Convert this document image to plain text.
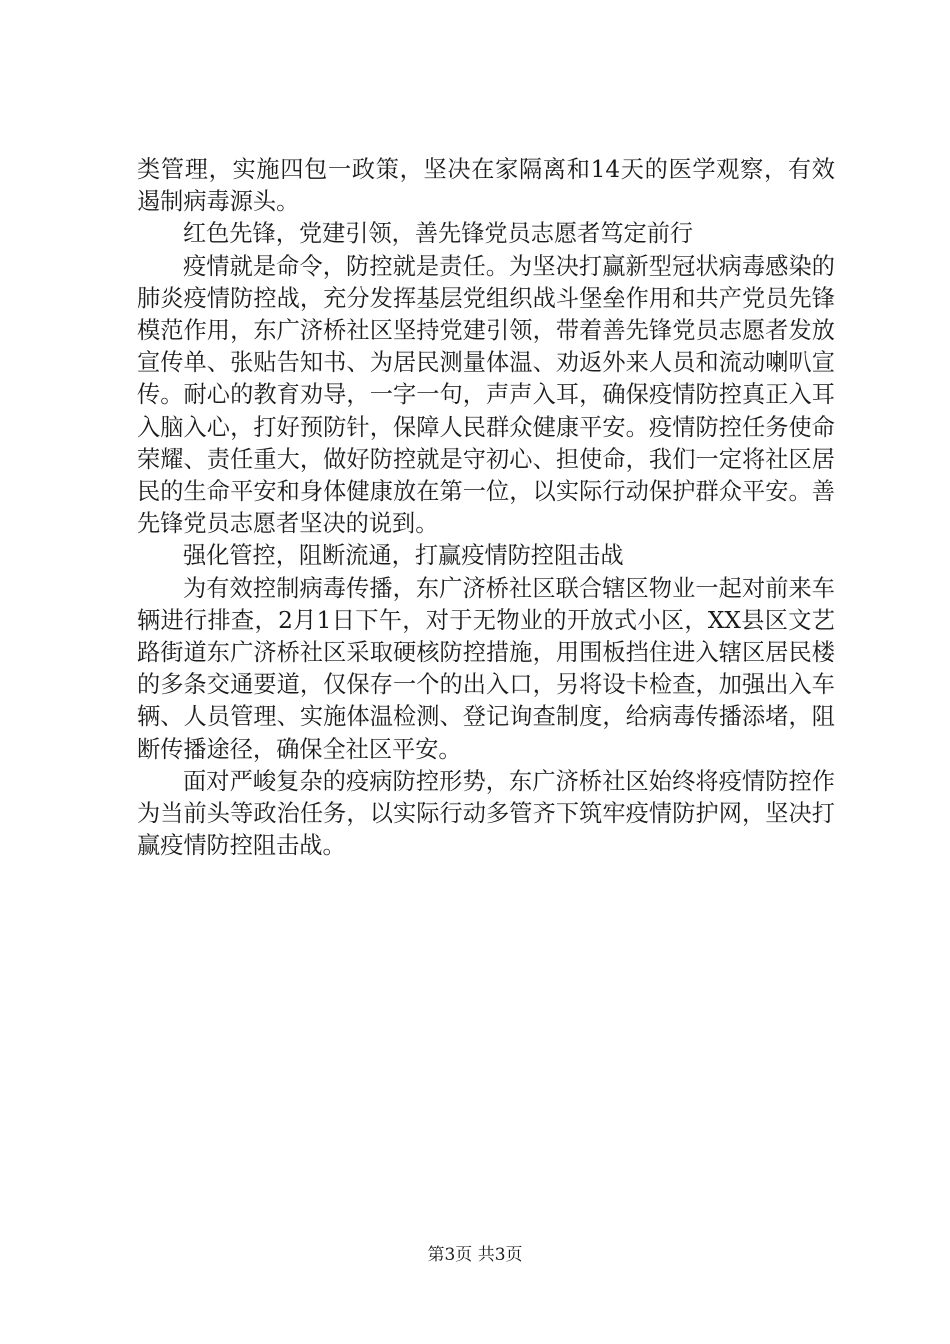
类管理，实施四包一政策，坚决在家隔离和14天的医学观察，有效遏制病毒源头。

红色先锋，党建引领，善先锋党员志愿者笃定前行

疫情就是命令，防控就是责任。为坚决打赢新型冠状病毒感染的肺炎疫情防控战，充分发挥基层党组织战斗堡垒作用和共产党员先锋模范作用，东广济桥社区坚持党建引领，带着善先锋党员志愿者发放宣传单、张贴告知书、为居民测量体温、劝返外来人员和流动喇叭宣传。耐心的教育劝导，一字一句，声声入耳，确保疫情防控真正入耳入脑入心，打好预防针，保障人民群众健康平安。疫情防控任务使命荣耀、责任重大，做好防控就是守初心、担使命，我们一定将社区居民的生命平安和身体健康放在第一位，以实际行动保护群众平安。善先锋党员志愿者坚决的说到。

强化管控，阻断流通，打赢疫情防控阻击战

为有效控制病毒传播，东广济桥社区联合辖区物业一起对前来车辆进行排查，2月1日下午，对于无物业的开放式小区，XX县区文艺路街道东广济桥社区采取硬核防控措施，用围板挡住进入辖区居民楼的多条交通要道，仅保存一个的出入口，另将设卡检查，加强出入车辆、人员管理、实施体温检测、登记询查制度，给病毒传播添堵，阻断传播途径，确保全社区平安。

面对严峻复杂的疫病防控形势，东广济桥社区始终将疫情防控作为当前头等政治任务，以实际行动多管齐下筑牢疫情防护网，坚决打赢疫情防控阻击战。

第3页 共3页
